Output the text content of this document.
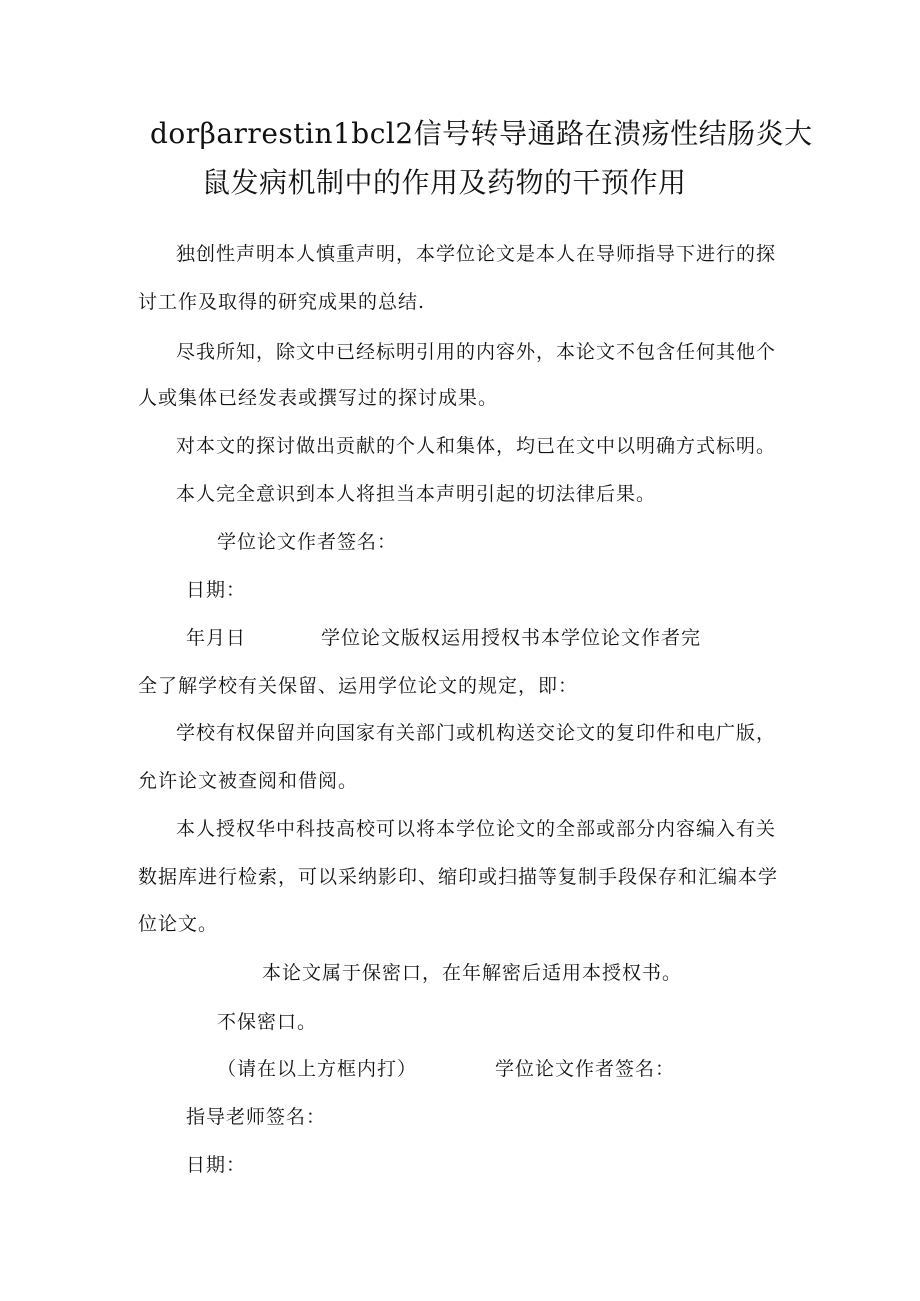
dorβarrestin1bcl2信号转导通路在溃疡性结肠炎大
鼠发病机制中的作用及药物的干预作用
独创性声明本人慎重声明，本学位论文是本人在导师指导下进行的探
讨工作及取得的研究成果的总结.
尽我所知，除文中已经标明引用的内容外，本论文不包含任何其他个
人或集体已经发表或撰写过的探讨成果。
对本文的探讨做出贡献的个人和集体，均已在文中以明确方式标明。
本人完全意识到本人将担当本声明引起的切法律后果。
学位论文作者签名：
日期：
年月日	学位论文版权运用授权书本学位论文作者完
全了解学校有关保留、运用学位论文的规定，即：
学校有权保留并向国家有关部门或机构送交论文的复印件和电广版，
允许论文被查阅和借阅。
本人授权华中科技高校可以将本学位论文的全部或部分内容编入有关
数据库进行检索，可以采纳影印、缩印或扫描等复制手段保存和汇编本学
位论文。
本论文属于保密口，在年解密后适用本授权书。
不保密口。
（请在以上方框内打）	学位论文作者签名：
指导老师签名：
日期：
